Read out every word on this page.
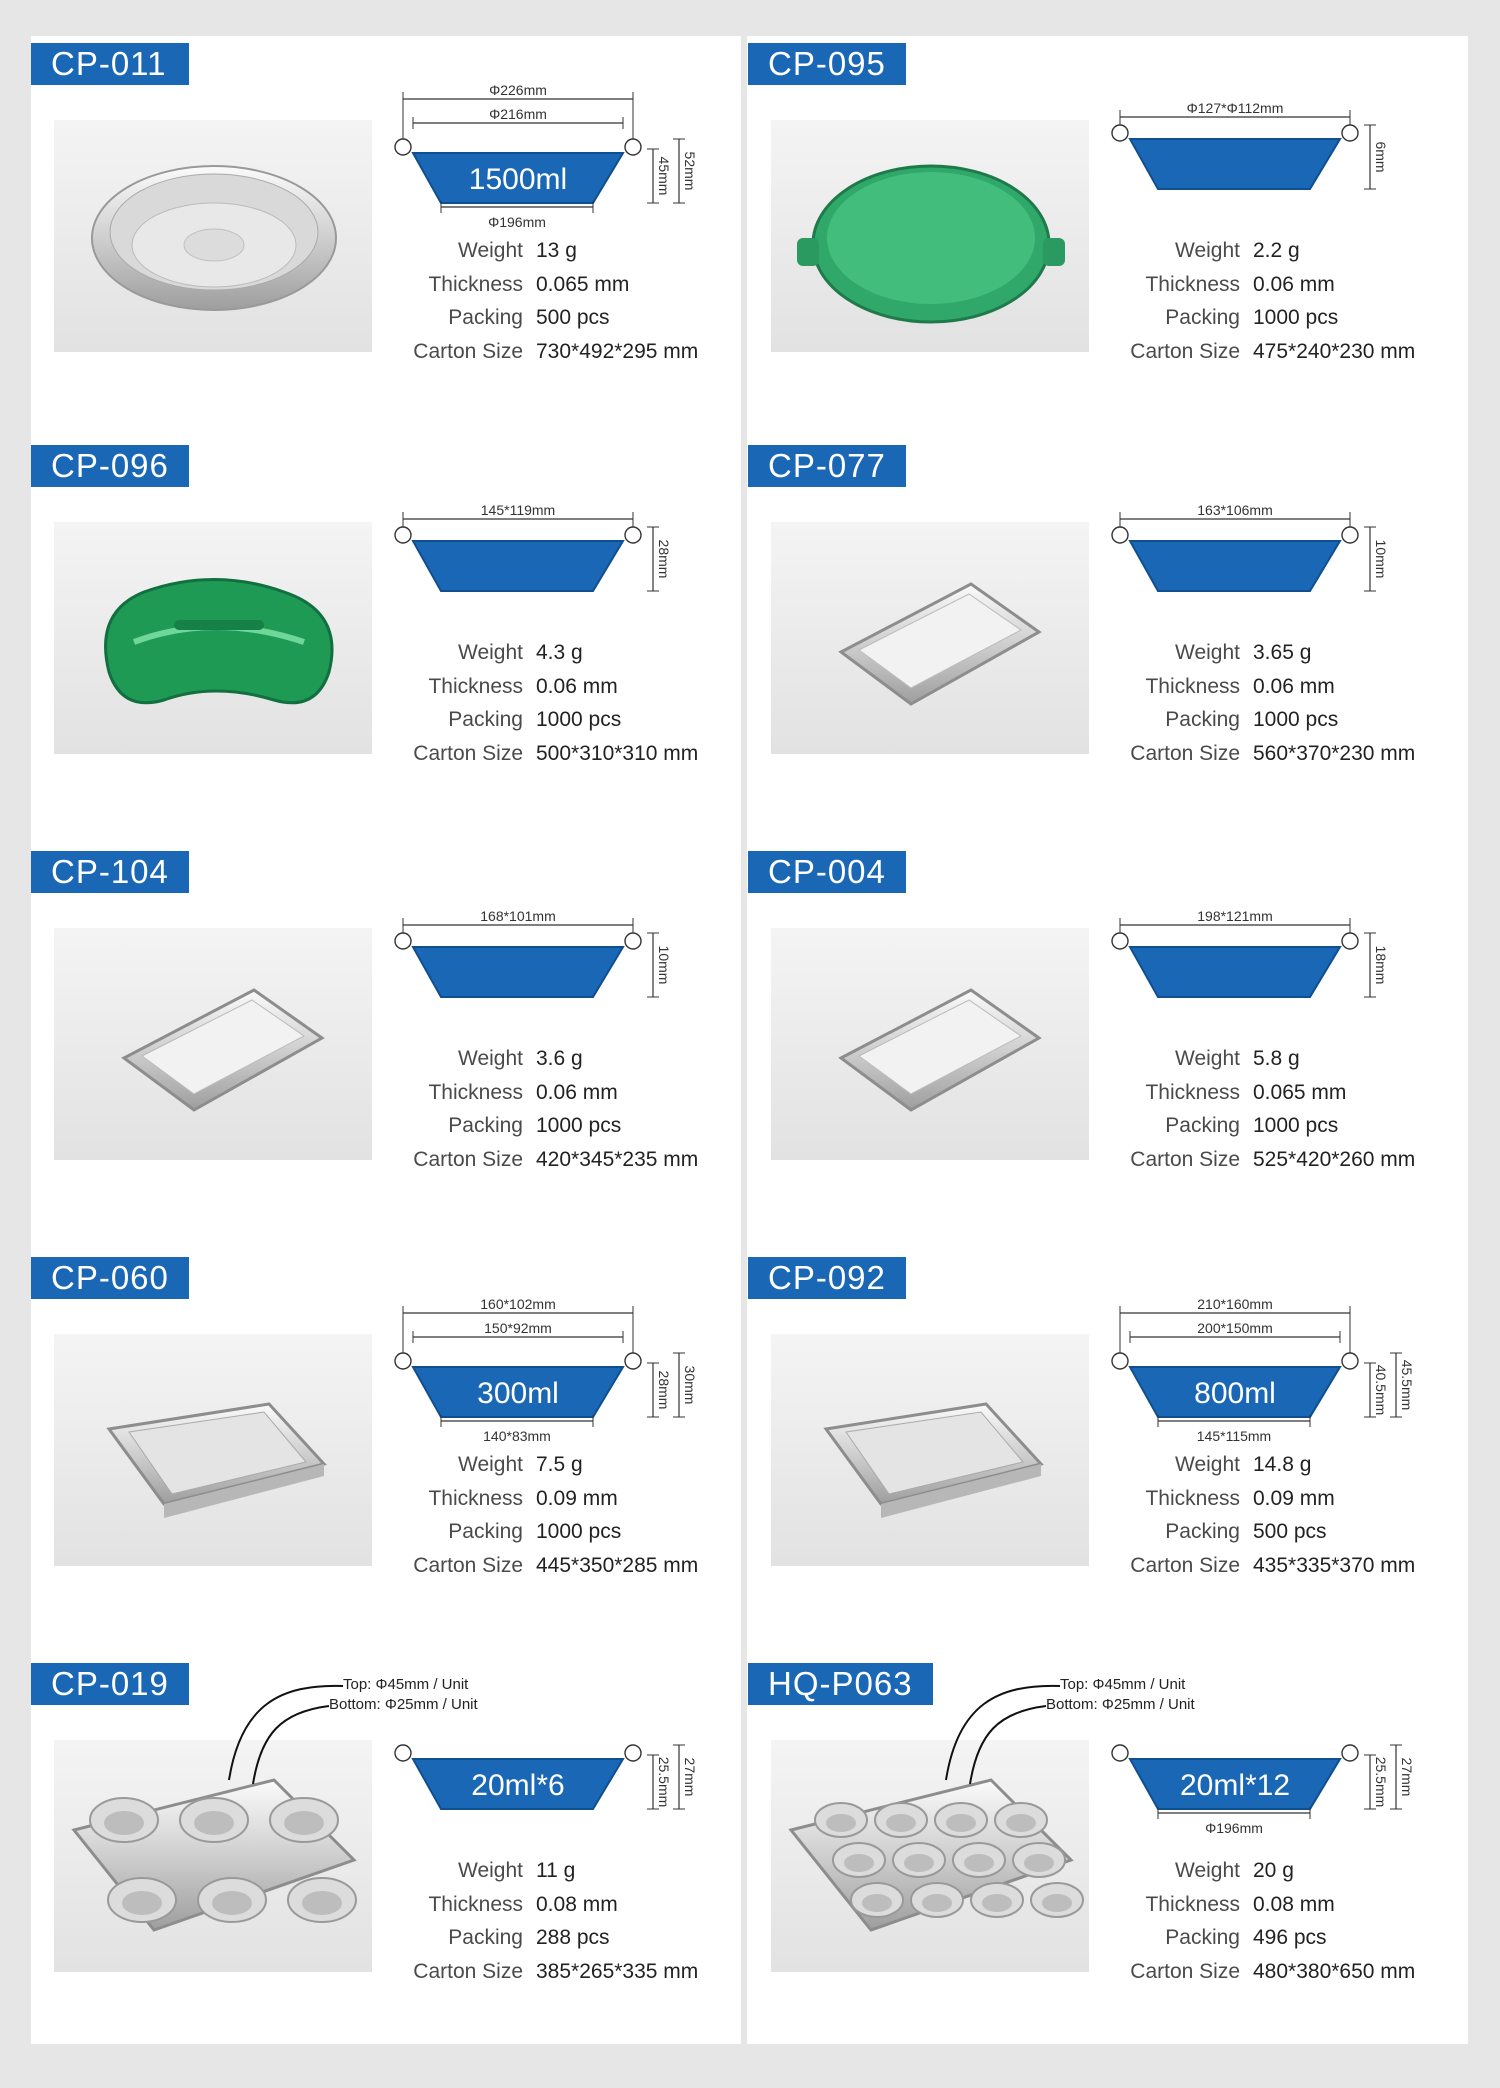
CP-011
Φ226mm
Φ216mm
Φ196mm
52mm
45mm
1500ml
Weight 13 g
Thickness 0.065 mm
Packing 500 pcs
Carton Size 730*492*295 mm
CP-095
Φ127*Φ112mm
6mm
Weight 2.2 g
Thickness 0.06 mm
Packing 1000 pcs
Carton Size 475*240*230 mm
CP-096
145*119mm
28mm
Weight 4.3 g
Thickness 0.06 mm
Packing 1000 pcs
Carton Size 500*310*310 mm
CP-077
163*106mm
10mm
Weight 3.65 g
Thickness 0.06 mm
Packing 1000 pcs
Carton Size 560*370*230 mm
CP-104
168*101mm
10mm
Weight 3.6 g
Thickness 0.06 mm
Packing 1000 pcs
Carton Size 420*345*235 mm
CP-004
198*121mm
18mm
Weight 5.8 g
Thickness 0.065 mm
Packing 1000 pcs
Carton Size 525*420*260 mm
CP-060
160*102mm
150*92mm
140*83mm
30mm
28mm
300ml
Weight 7.5 g
Thickness 0.09 mm
Packing 1000 pcs
Carton Size 445*350*285 mm
CP-092
210*160mm
200*150mm
145*115mm
45.5mm
40.5mm
800ml
Weight 14.8 g
Thickness 0.09 mm
Packing 500 pcs
Carton Size 435*335*370 mm
CP-019
27mm
25.5mm
20ml*6
Weight 11 g
Thickness 0.08 mm
Packing 288 pcs
Carton Size 385*265*335 mm
Top: Φ45mm / Unit
Bottom: Φ25mm / Unit
HQ-P063
Φ196mm
27mm
25.5mm
20ml*12
Weight 20 g
Thickness 0.08 mm
Packing 496 pcs
Carton Size 480*380*650 mm
Top: Φ45mm / Unit
Bottom: Φ25mm / Unit
